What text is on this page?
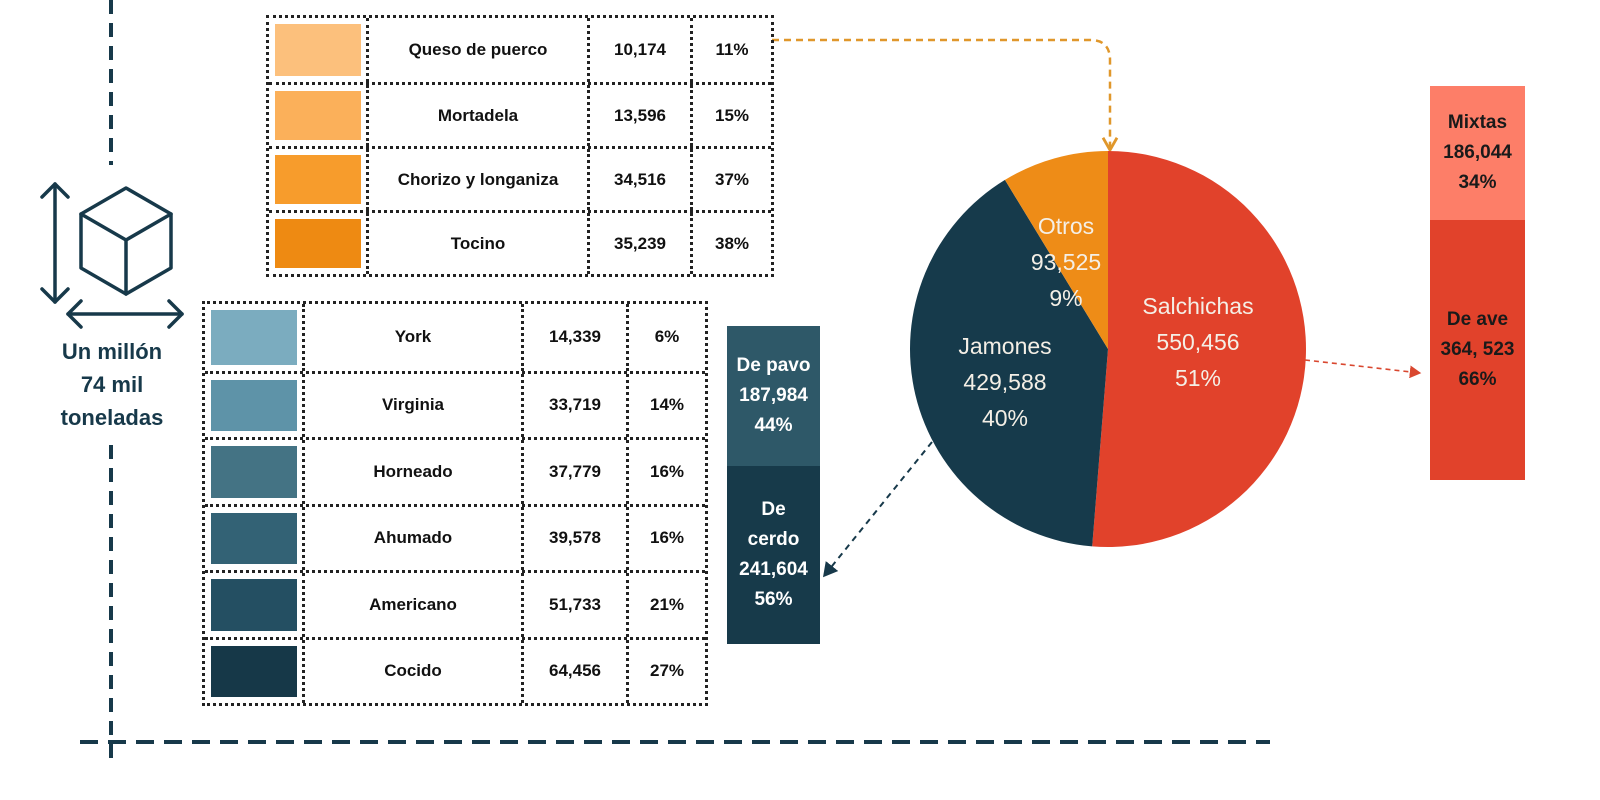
Salchichas
550,456
51%
Jamones
429,588
40%
Otros
93,525
9%
Queso de puerco	10,174	11%
Mortadela	13,596	15%
Chorizo y longaniza	34,516	37%
Tocino	35,239	38%
York	14,339	6%
Virginia	33,719	14%
Horneado	37,779	16%
Ahumado	39,578	16%
Americano	51,733	21%
Cocido	64,456	27%
De pavo
187,984
44%
De
cerdo
241,604
56%
Mixtas
186,044
34%
De ave
364, 523
66%
Un millón
74 mil
toneladas
